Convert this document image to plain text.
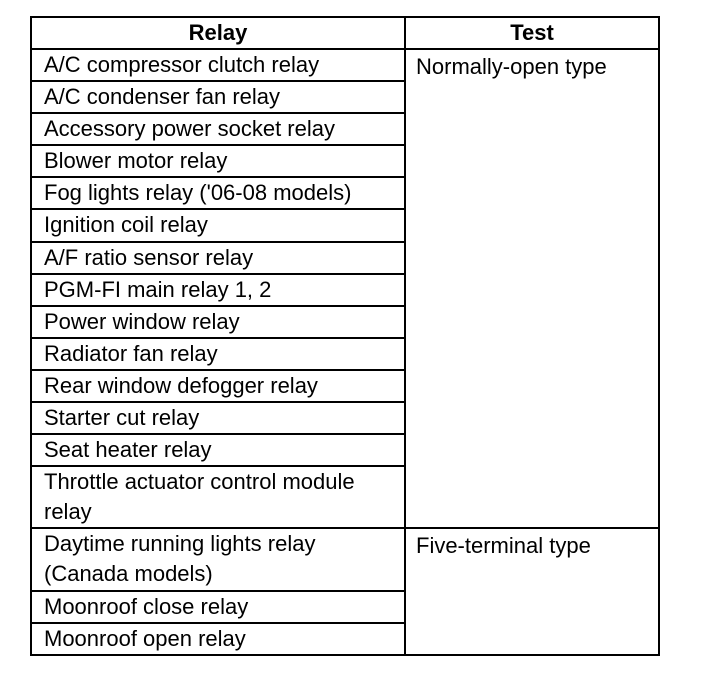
Relay	Test
A/C compressor clutch relay	Normally-open type
A/C condenser fan relay	
Accessory power socket relay	
Blower motor relay	
Fog lights relay ('06-08 models)	
Ignition coil relay	
A/F ratio sensor relay	
PGM-FI main relay 1, 2	
Power window relay	
Radiator fan relay	
Rear window defogger relay	
Starter cut relay	
Seat heater relay	
Throttle actuator control module relay	
Daytime running lights relay (Canada models)	Five-terminal type
Moonroof close relay	
Moonroof open relay	
